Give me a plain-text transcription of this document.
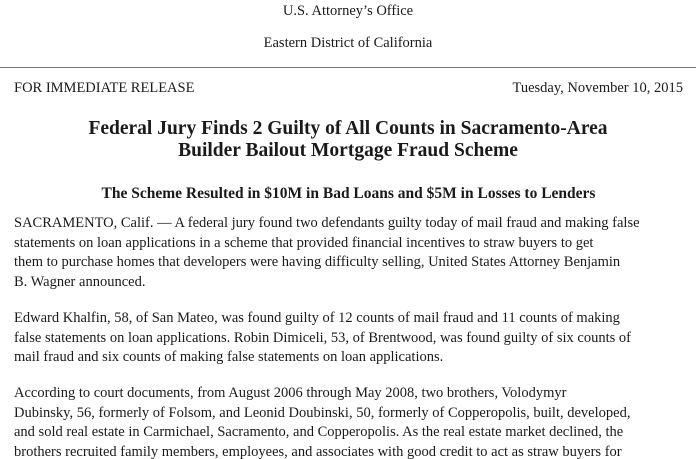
U.S. Attorney’s Office
Eastern District of California
FOR IMMEDIATE RELEASE	Tuesday, November 10, 2015
Federal Jury Finds 2 Guilty of All Counts in Sacramento-Area
Builder Bailout Mortgage Fraud Scheme
The Scheme Resulted in $10M in Bad Loans and $5M in Losses to Lenders

SACRAMENTO, Calif. — A federal jury found two defendants guilty today of mail fraud and making false
statements on loan applications in a scheme that provided financial incentives to straw buyers to get
them to purchase homes that developers were having difficulty selling, United States Attorney Benjamin
B. Wagner announced.

Edward Khalfin, 58, of San Mateo, was found guilty of 12 counts of mail fraud and 11 counts of making
false statements on loan applications. Robin Dimiceli, 53, of Brentwood, was found guilty of six counts of
mail fraud and six counts of making false statements on loan applications.

According to court documents, from August 2006 through May 2008, two brothers, Volodymyr
Dubinsky, 56, formerly of Folsom, and Leonid Doubinski, 50, formerly of Copperopolis, built, developed,
and sold real estate in Carmichael, Sacramento, and Copperopolis. As the real estate market declined, the
brothers recruited family members, employees, and associates with good credit to act as straw buyers for
